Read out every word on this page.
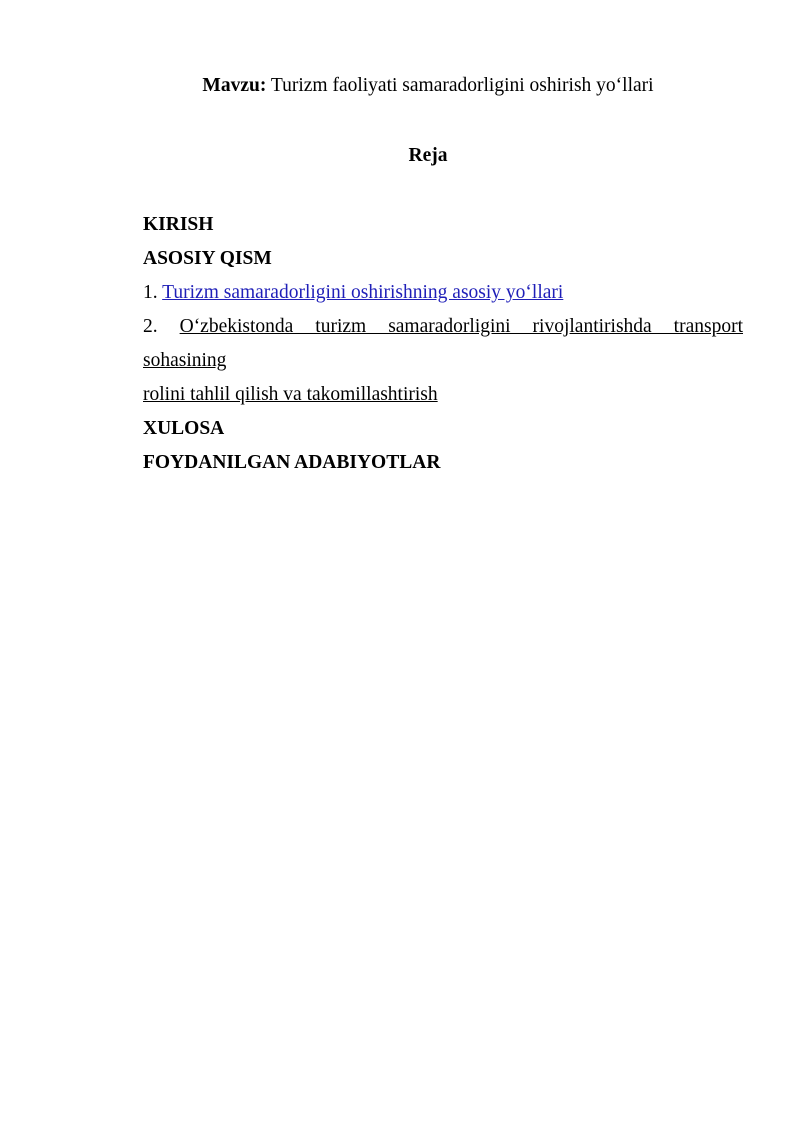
Mavzu: Turizm faoliyati samaradorligini oshirish yo‘llari
Reja
KIRISH
ASOSIY QISM
1. Turizm samaradorligini oshirishning asosiy yo‘llari
2. O‘zbekistonda turizm samaradorligini rivojlantirishda transport sohasining
rolini tahlil qilish va takomillashtirish
XULOSA
FOYDANILGAN ADABIYOTLAR
